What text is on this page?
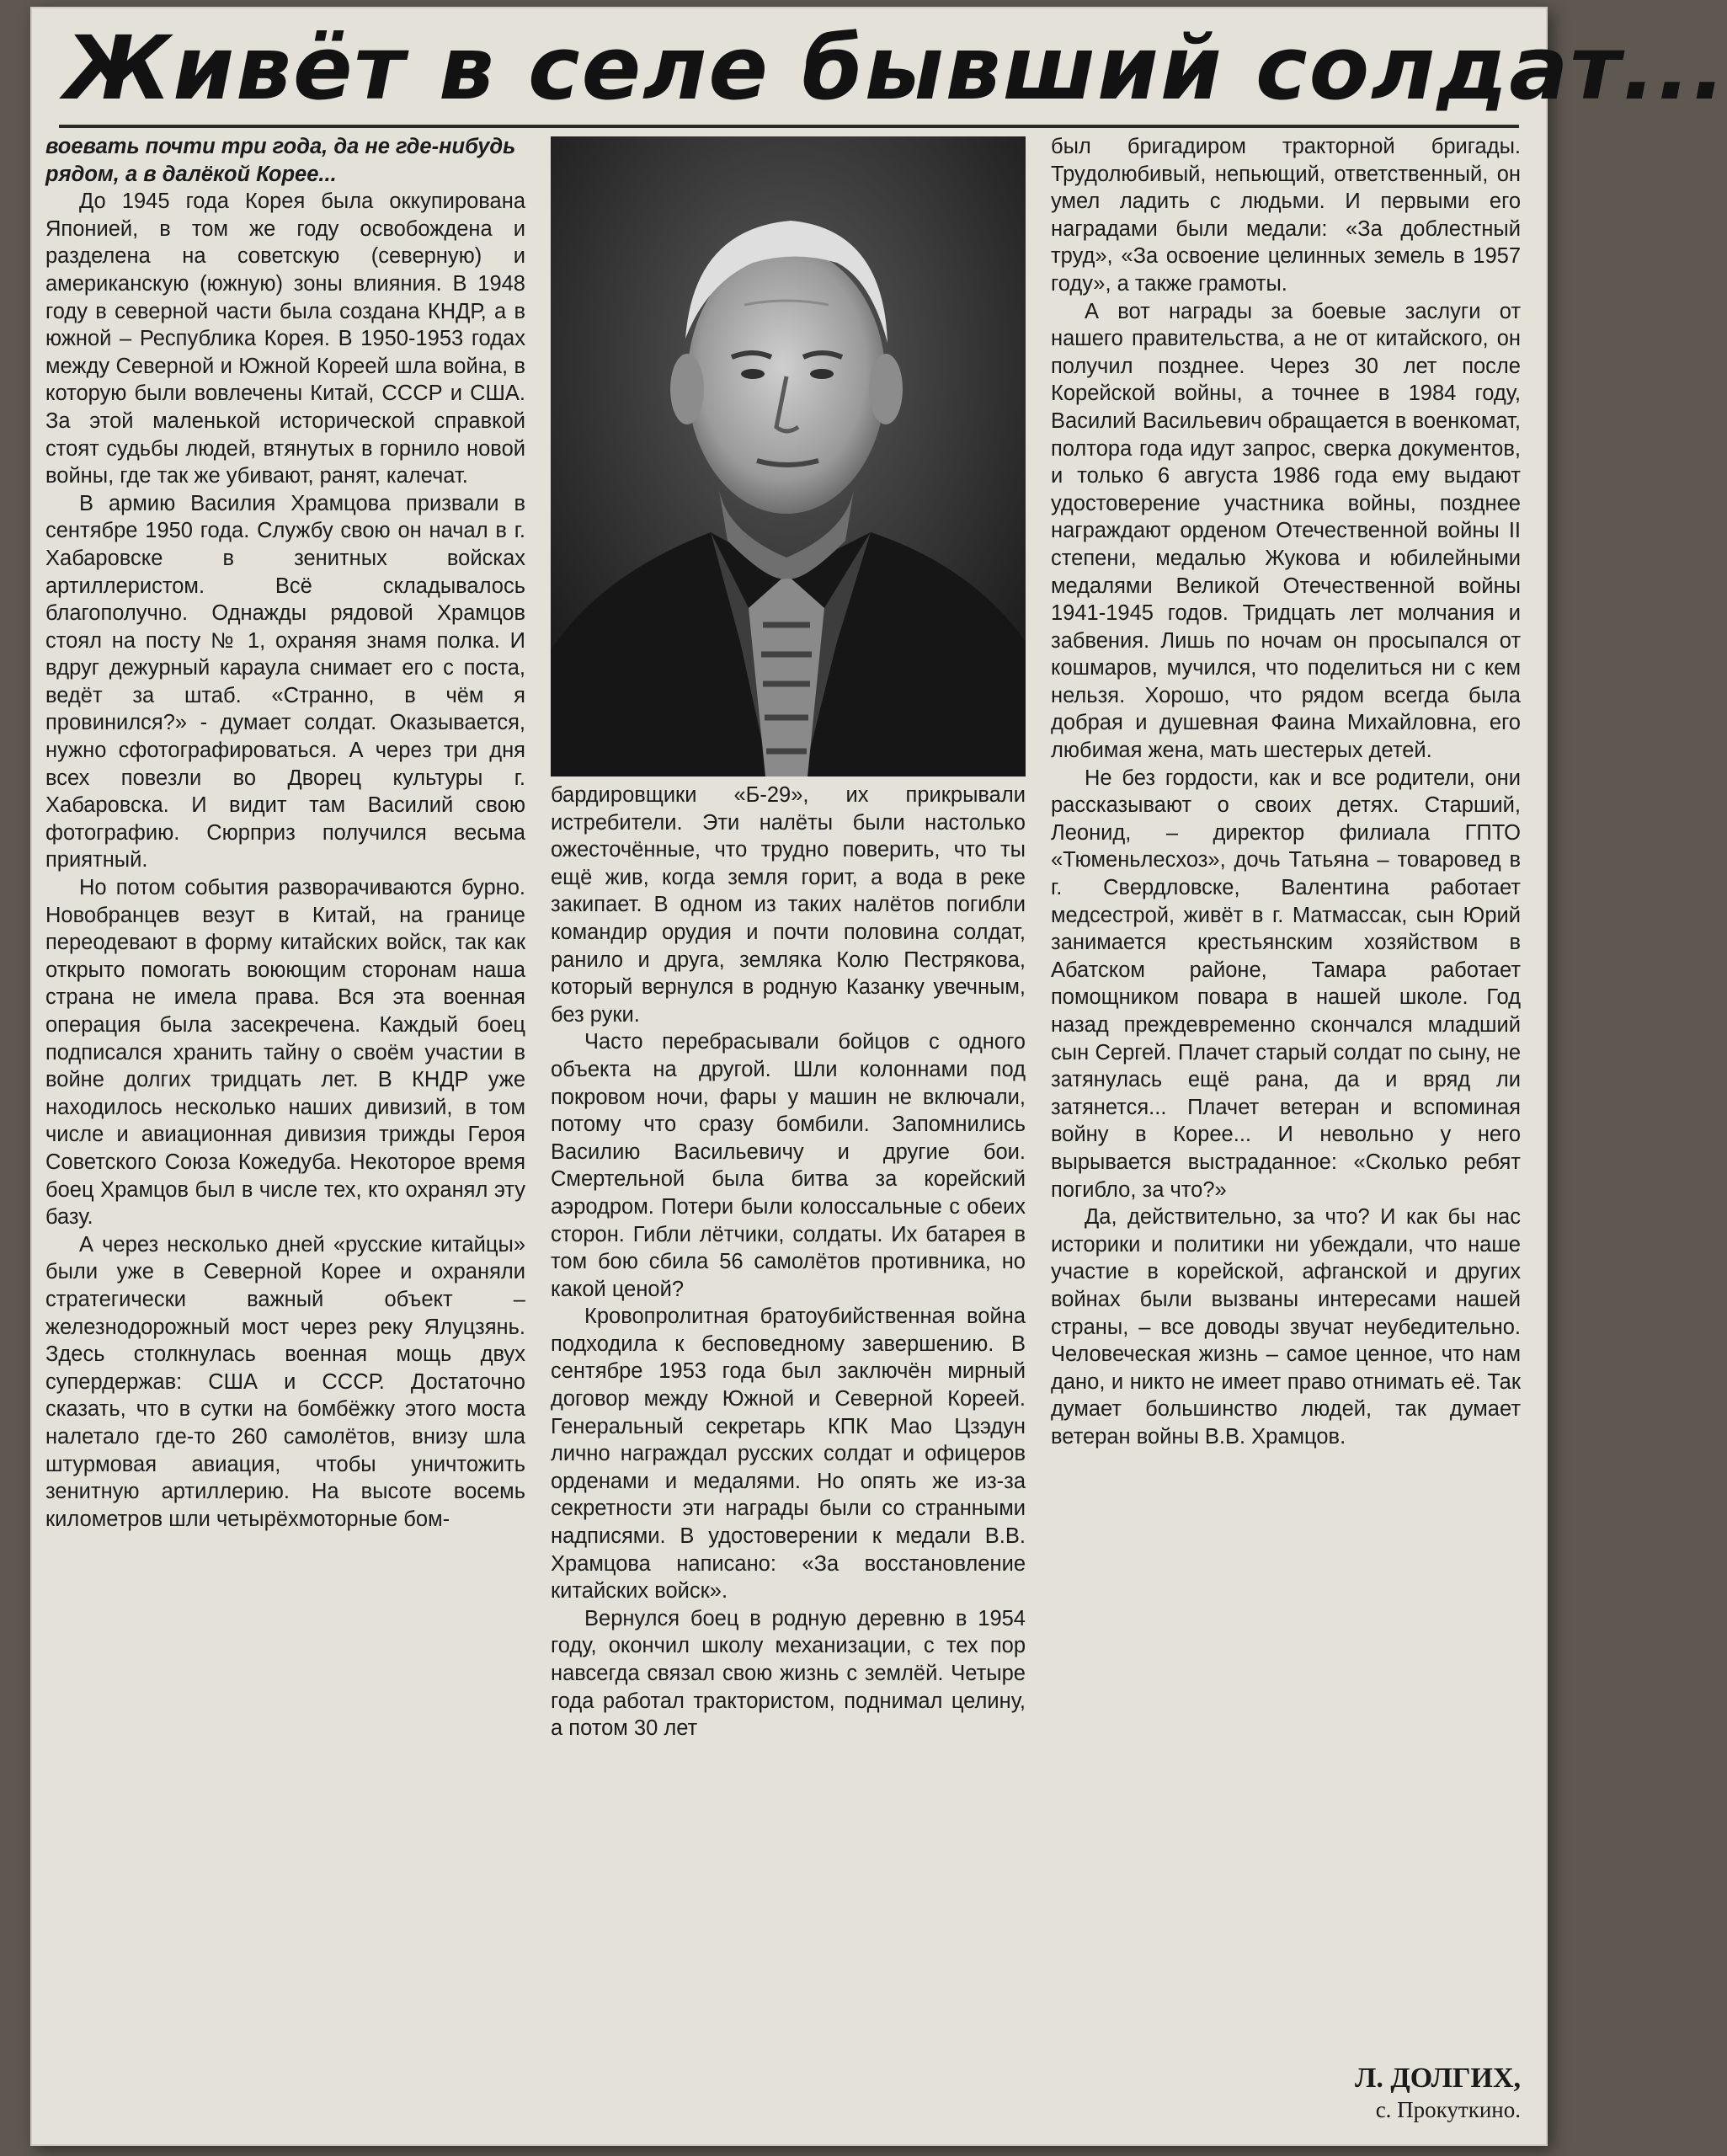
Живёт в селе бывший солдат...

воевать почти три года, да не где-нибудь рядом, а в далёкой Корее...

До 1945 года Корея была оккупирована Японией, в том же году освобождена и разделена на советскую (северную) и американскую (южную) зоны влияния. В 1948 году в северной части была создана КНДР, а в южной – Республика Корея. В 1950-1953 годах между Северной и Южной Кореей шла война, в которую были вовлечены Китай, СССР и США. За этой маленькой исторической справкой стоят судьбы людей, втянутых в горнило новой войны, где так же убивают, ранят, калечат.

В армию Василия Храмцова призвали в сентябре 1950 года. Службу свою он начал в г. Хабаровске в зенитных войсках артиллеристом. Всё складывалось благополучно. Однажды рядовой Храмцов стоял на посту № 1, охраняя знамя полка. И вдруг дежурный караула снимает его с поста, ведёт за штаб. «Странно, в чём я провинился?» - думает солдат. Оказывается, нужно сфотографироваться. А через три дня всех повезли во Дворец культуры г. Хабаровска. И видит там Василий свою фотографию. Сюрприз получился весьма приятный.

Но потом события разворачиваются бурно. Новобранцев везут в Китай, на границе переодевают в форму китайских войск, так как открыто помогать воюющим сторонам наша страна не имела права. Вся эта военная операция была засекречена. Каждый боец подписался хранить тайну о своём участии в войне долгих тридцать лет. В КНДР уже находилось несколько наших дивизий, в том числе и авиационная дивизия трижды Героя Советского Союза Кожедуба. Некоторое время боец Храмцов был в числе тех, кто охранял эту базу.

А через несколько дней «русские китайцы» были уже в Северной Корее и охраняли стратегически важный объект – железнодорожный мост через реку Ялуцзянь. Здесь столкнулась военная мощь двух супердержав: США и СССР. Достаточно сказать, что в сутки на бомбёжку этого моста налетало где-то 260 самолётов, внизу шла штурмовая авиация, чтобы уничтожить зенитную артиллерию. На высоте восемь километров шли четырёхмоторные бом-

бардировщики «Б-29», их прикрывали истребители. Эти налёты были настолько ожесточённые, что трудно поверить, что ты ещё жив, когда земля горит, а вода в реке закипает. В одном из таких налётов погибли командир орудия и почти половина солдат, ранило и друга, земляка Колю Пестрякова, который вернулся в родную Казанку увечным, без руки.

Часто перебрасывали бойцов с одного объекта на другой. Шли колоннами под покровом ночи, фары у машин не включали, потому что сразу бомбили. Запомнились Василию Васильевичу и другие бои. Смертельной была битва за корейский аэродром. Потери были колоссальные с обеих сторон. Гибли лётчики, солдаты. Их батарея в том бою сбила 56 самолётов противника, но какой ценой?

Кровопролитная братоубийственная война подходила к бесповедному завершению. В сентябре 1953 года был заключён мирный договор между Южной и Северной Кореей. Генеральный секретарь КПК Мао Цзэдун лично награждал русских солдат и офицеров орденами и медалями. Но опять же из-за секретности эти награды были со странными надписями. В удостоверении к медали В.В. Храмцова написано: «За восстановление китайских войск».

Вернулся боец в родную деревню в 1954 году, окончил школу механизации, с тех пор навсегда связал свою жизнь с землёй. Четыре года работал трактористом, поднимал целину, а потом 30 лет

был бригадиром тракторной бригады. Трудолюбивый, непьющий, ответственный, он умел ладить с людьми. И первыми его наградами были медали: «За доблестный труд», «За освоение целинных земель в 1957 году», а также грамоты.

А вот награды за боевые заслуги от нашего правительства, а не от китайского, он получил позднее. Через 30 лет после Корейской войны, а точнее в 1984 году, Василий Васильевич обращается в военкомат, полтора года идут запрос, сверка документов, и только 6 августа 1986 года ему выдают удостоверение участника войны, позднее награждают орденом Отечественной войны II степени, медалью Жукова и юбилейными медалями Великой Отечественной войны 1941-1945 годов. Тридцать лет молчания и забвения. Лишь по ночам он просыпался от кошмаров, мучился, что поделиться ни с кем нельзя. Хорошо, что рядом всегда была добрая и душевная Фаина Михайловна, его любимая жена, мать шестерых детей.

Не без гордости, как и все родители, они рассказывают о своих детях. Старший, Леонид, – директор филиала ГПТО «Тюменьлесхоз», дочь Татьяна – товаровед в г. Свердловске, Валентина работает медсестрой, живёт в г. Матмассак, сын Юрий занимается крестьянским хозяйством в Абатском районе, Тамара работает помощником повара в нашей школе. Год назад преждевременно скончался младший сын Сергей. Плачет старый солдат по сыну, не затянулась ещё рана, да и вряд ли затянется... Плачет ветеран и вспоминая войну в Корее... И невольно у него вырывается выстраданное: «Сколько ребят погибло, за что?»

Да, действительно, за что? И как бы нас историки и политики ни убеждали, что наше участие в корейской, афганской и других войнах были вызваны интересами нашей страны, – все доводы звучат неубедительно. Человеческая жизнь – самое ценное, что нам дано, и никто не имеет право отнимать её. Так думает большинство людей, так думает ветеран войны В.В. Храмцов.

Л. ДОЛГИХ,
с. Прокуткино.
